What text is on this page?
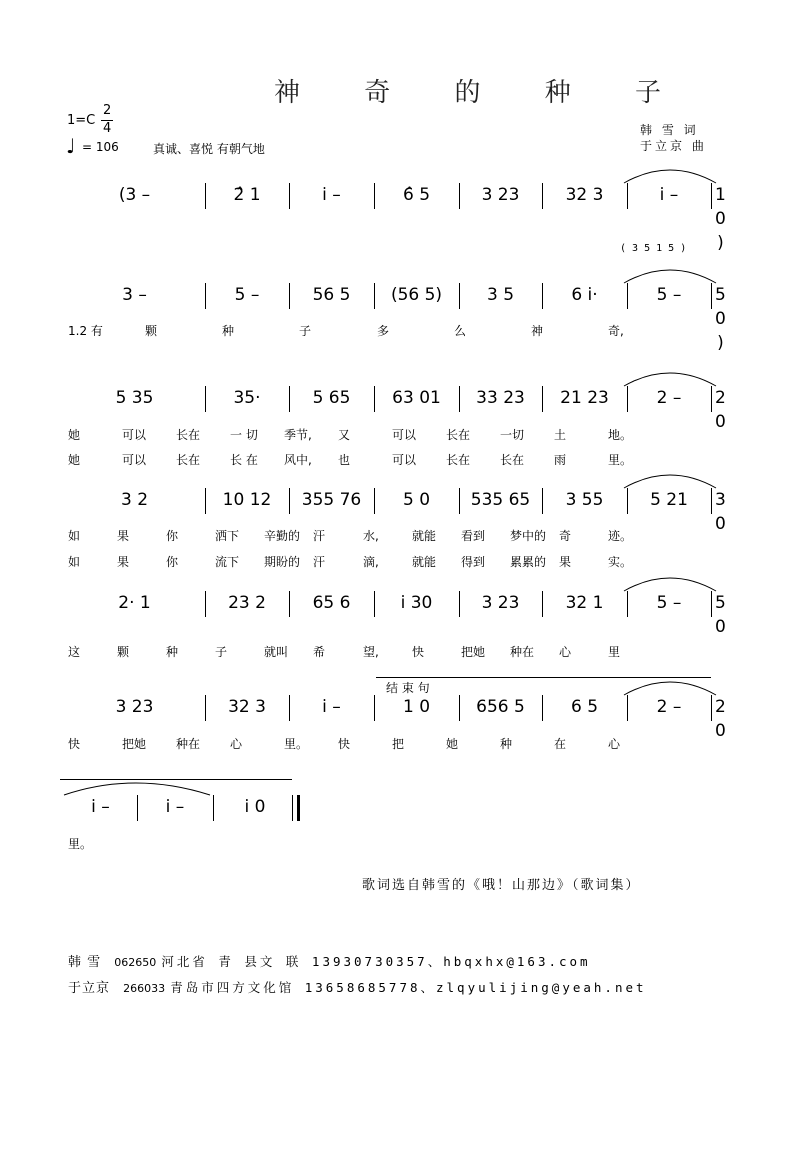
神 奇 的 种 子
1=C
2
4
♩ = 106	真诚、喜悦 有朝气地
韩 雪 词
于立京 曲
(3 –	2̂ 1	i̇ –	6̂ 5	3 23	32 3	i̇ –	1 0 )
3 –	5 –	56 5	(56 5)	3 5	6 i̇·	5 –	5 0 )
( 3 5 1 5 )
1.2 有	颗	种	子	多	么	神	奇,
5 35	35·	5 65	63 01	33 23	21 23	2 –	2 0
她	可以 长在 一 切 季节, 又	可以 长在 一切 土	地。
她	可以 长在 长 在 风中, 也	可以 长在 长在 雨	里。
3 2	10 12	355 76	5 0	535 65	3 55	5 21	3 0
如	果	你	洒下 辛勤的 汗	水,	就能 看到 梦中的 奇	迹。
如	果	你	流下 期盼的 汗	滴,	就能 得到 累累的 果	实。
2· 1	23 2	65 6	i̇ 30	3 23	32 1	5 –	5 0
这	颗	种	子	就叫 希	望,	快	把她 种在 心	里
3 23	32 3	i̇ –	1 0	656 5	6 5	2 –	2 0
结 束 句
快	把她 种在 心	里。 快	把	她	种	在	心
i̇ –	i̇ –	i̇ 0
里。
歌词选自韩雪的《哦！山那边》（歌词集）
韩 雪 062650 河北省 青 县文 联 13930730357、hbqxhx@163.com
于立京 266033 青岛市四方文化馆 13658685778、zlqyulijing@yeah.net
